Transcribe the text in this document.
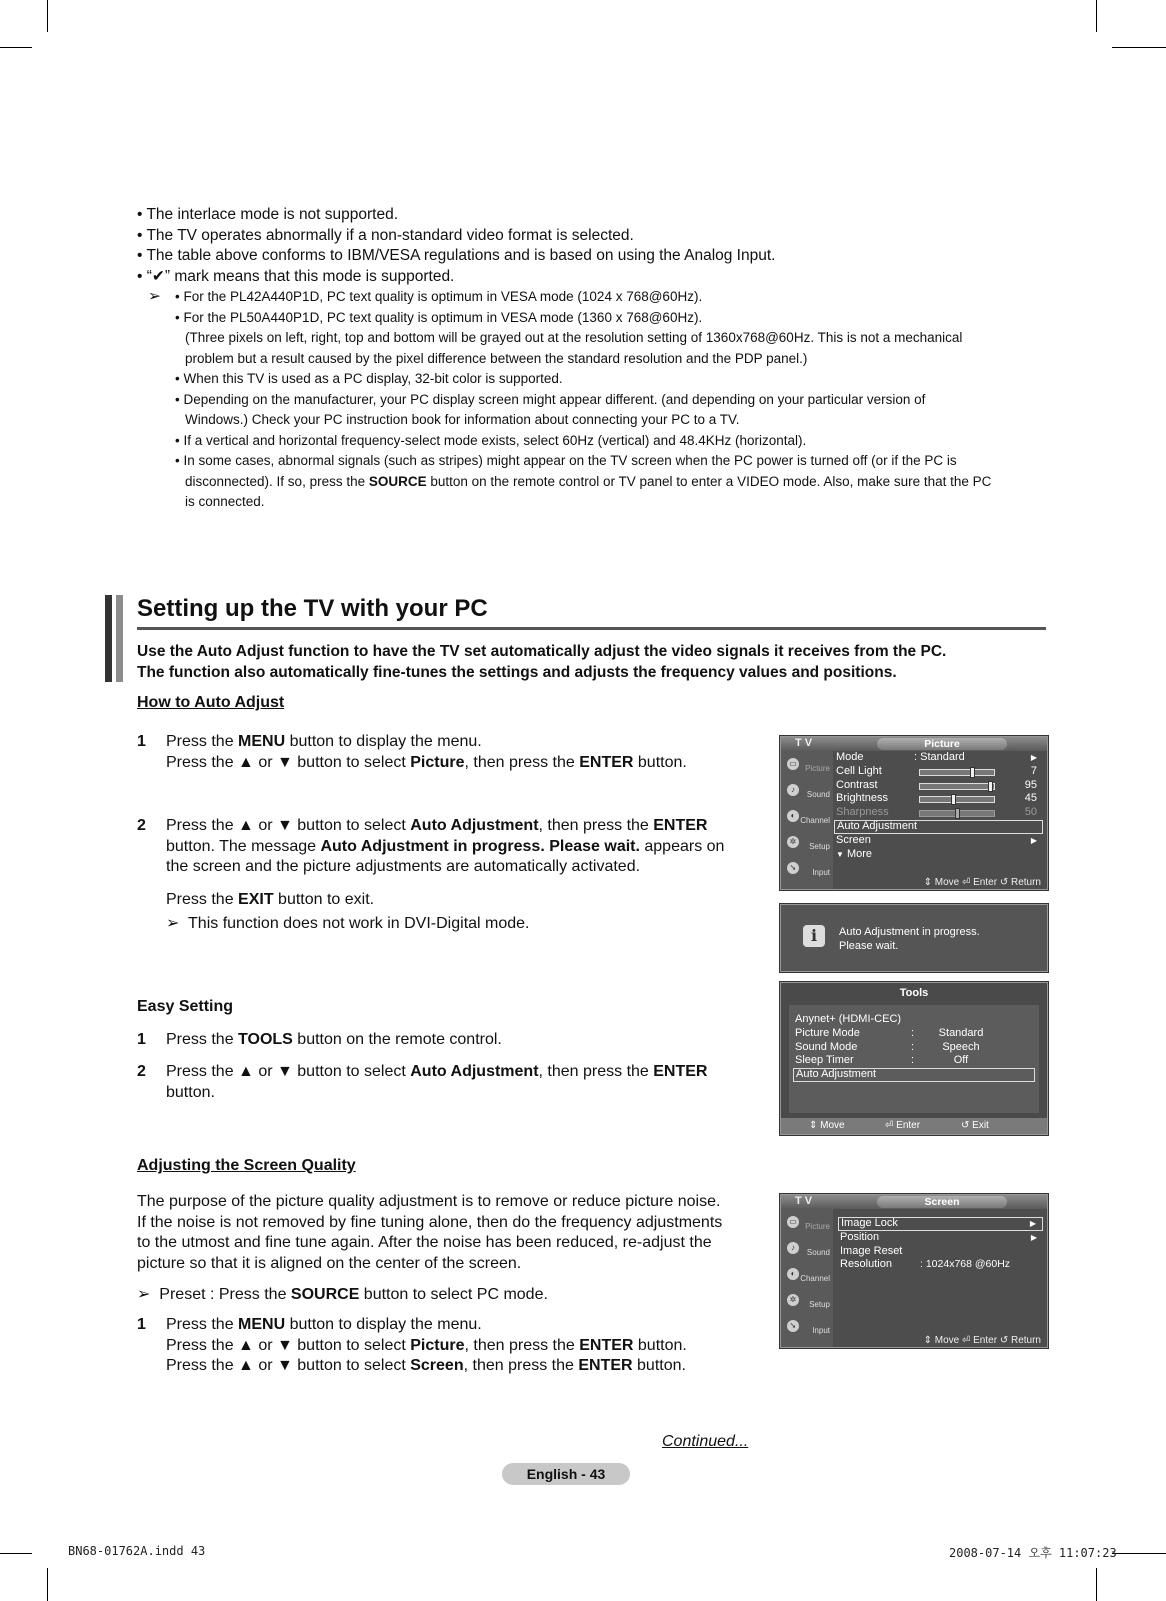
• The interlace mode is not supported.

• The TV operates abnormally if a non-standard video format is selected.

• The table above conforms to IBM/VESA regulations and is based on using the Analog Input.

• “✔” mark means that this mode is supported.

➢	• For the PL42A440P1D, PC text quality is optimum in VESA mode (1024 x 768@60Hz).

• For the PL50A440P1D, PC text quality is optimum in VESA mode (1360 x 768@60Hz).

(Three pixels on left, right, top and bottom will be grayed out at the resolution setting of 1360x768@60Hz. This is not a mechanical

problem but a result caused by the pixel difference between the standard resolution and the PDP panel.)

• When this TV is used as a PC display, 32-bit color is supported.

• Depending on the manufacturer, your PC display screen might appear different. (and depending on your particular version of

Windows.) Check your PC instruction book for information about connecting your PC to a TV.

• If a vertical and horizontal frequency-select mode exists, select 60Hz (vertical) and 48.4KHz (horizontal).

• In some cases, abnormal signals (such as stripes) might appear on the TV screen when the PC power is turned off (or if the PC is

disconnected). If so, press the SOURCE button on the remote control or TV panel to enter a VIDEO mode. Also, make sure that the PC

is connected.

Setting up the TV with your PC

Use the Auto Adjust function to have the TV set automatically adjust the video signals it receives from the PC.

The function also automatically fine-tunes the settings and adjusts the frequency values and positions.

How to Auto Adjust
1 Press the MENU button to display the menu.

Press the ▲ or ▼ button to select Picture, then press the ENTER button.

2 Press the ▲ or ▼ button to select Auto Adjustment, then press the ENTER

button. The message Auto Adjustment in progress. Please wait. appears on

the screen and the picture adjustments are automatically activated.

Press the EXIT button to exit.

➢ This function does not work in DVI-Digital mode.

Easy Setting
1 Press the TOOLS button on the remote control.

2 Press the ▲ or ▼ button to select Auto Adjustment, then press the ENTER

button.

Adjusting the Screen Quality
The purpose of the picture quality adjustment is to remove or reduce picture noise.
If the noise is not removed by fine tuning alone, then do the frequency adjustments
to the utmost and fine tune again. After the noise has been reduced, re-adjust the
picture so that it is aligned on the center of the screen.
➢ Preset : Press the SOURCE button to select PC mode.
1 Press the MENU button to display the menu.

Press the ▲ or ▼ button to select Picture, then press the ENTER button.

Press the ▲ or ▼ button to select Screen, then press the ENTER button.

T V	Picture
▭
Picture
♪
Sound
◐
Channel
✲
Setup
➘
Input
Mode	: Standard	▶
Cell Light	7
Contrast	95
Brightness	45
Sharpness	50
Auto Adjustment
Screen	▶
▼ More
⇕ Move ⏎ Enter ↺ Return
i	Auto Adjustment in progress.
Please wait.
Tools
Anynet+ (HDMI-CEC)
Picture Mode	:	Standard
Sound Mode	:	Speech
Sleep Timer	:	Off
Auto Adjustment
⇕ Move	⏎ Enter	↺ Exit
T V	Screen
▭
Picture
♪
Sound
◐
Channel
✲
Setup
➘
Input
Image Lock	▶
Position	▶
Image Reset
Resolution	: 1024x768 @60Hz
⇕ Move ⏎ Enter ↺ Return
Continued...
English - 43
BN68-01762A.indd 43	2008-07-14 오후 11:07:23
